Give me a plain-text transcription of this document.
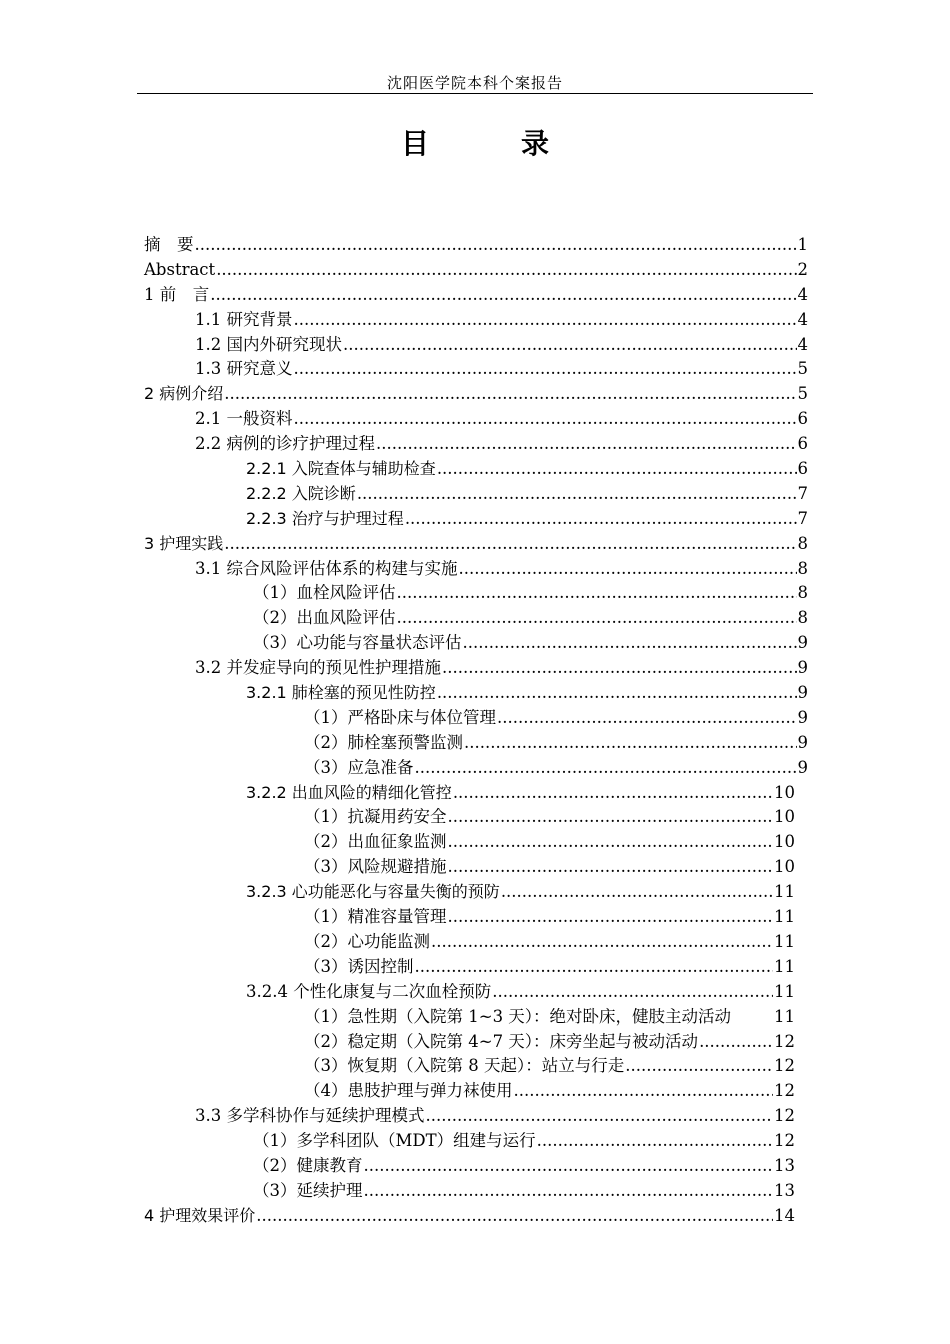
沈阳医学院本科个案报告
目　录
摘　要 .....	1
Abstract .....	2
1 前　言 .....	4
1.1 研究背景 .....	4
1.2 国内外研究现状 .....	4
1.3 研究意义 .....	5
2 病例介绍 .....	5
2.1 一般资料 .....	6
2.2 病例的诊疗护理过程 .....	6
2.2.1 入院查体与辅助检查 .....	6
2.2.2 入院诊断 .....	7
2.2.3 治疗与护理过程 .....	7
3 护理实践 .....	8
3.1 综合风险评估体系的构建与实施 .....	8
（1）血栓风险评估 .....	8
（2）出血风险评估 .....	8
（3）心功能与容量状态评估 .....	9
3.2 并发症导向的预见性护理措施 .....	9
3.2.1 肺栓塞的预见性防控 .....	9
（1）严格卧床与体位管理 .....	9
（2）肺栓塞预警监测 .....	9
（3）应急准备 .....	9
3.2.2 出血风险的精细化管控 .....	10
（1）抗凝用药安全 .....	10
（2）出血征象监测 .....	10
（3）风险规避措施 .....	10
3.2.3 心功能恶化与容量失衡的预防 .....	11
（1）精准容量管理 .....	11
（2）心功能监测 .....	11
（3）诱因控制 .....	11
3.2.4 个性化康复与二次血栓预防 .....	11
（1）急性期（入院第 1~3 天）：绝对卧床，健肢主动活动	11
（2）稳定期（入院第 4~7 天）：床旁坐起与被动活动 .....	12
（3）恢复期（入院第 8 天起）：站立与行走 .....	12
（4）患肢护理与弹力袜使用 .....	12
3.3 多学科协作与延续护理模式 .....	12
（1）多学科团队（MDT）组建与运行 .....	12
（2）健康教育 .....	13
（3）延续护理 .....	13
4 护理效果评价 .....	14
